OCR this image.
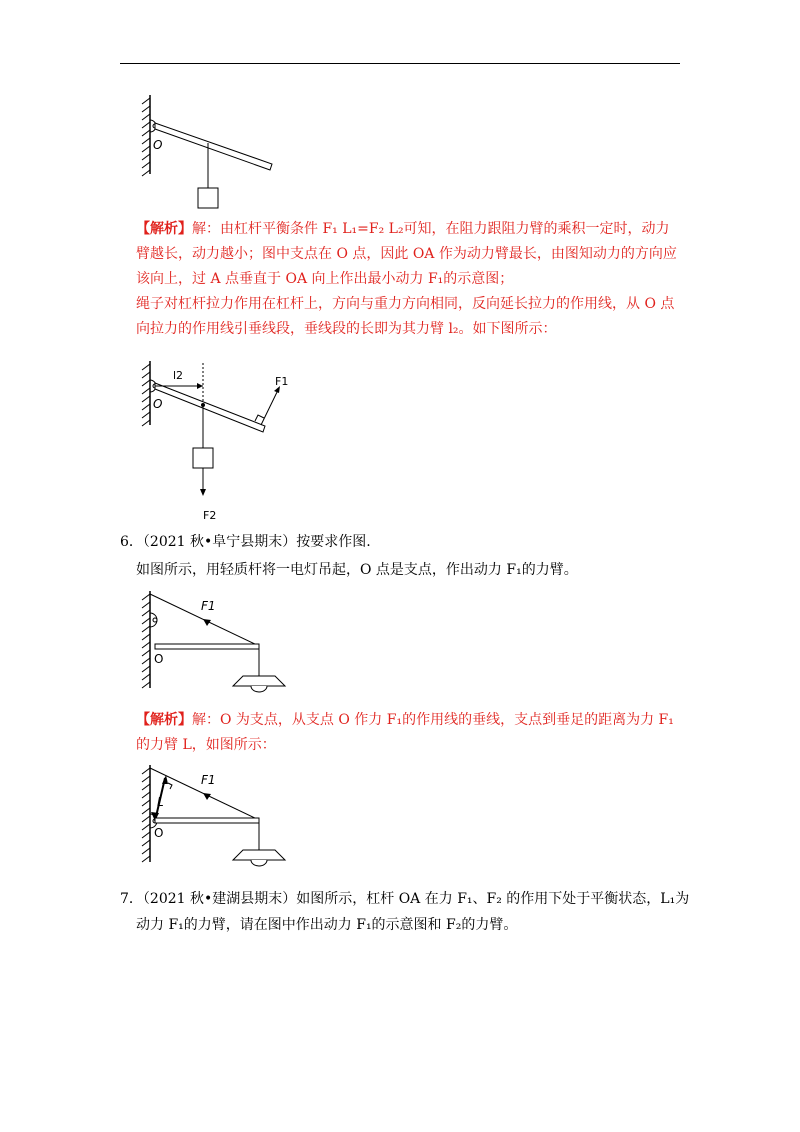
O
【解析】解：由杠杆平衡条件 F₁ L₁=F₂ L₂可知，在阻力跟阻力臂的乘积一定时，动力
臂越长，动力越小；图中支点在 O 点，因此 OA 作为动力臂最长，由图知动力的方向应
该向上，过 A 点垂直于 OA 向上作出最小动力 F₁的示意图；
绳子对杠杆拉力作用在杠杆上，方向与重力方向相同，反向延长拉力的作用线，从 O 点
向拉力的作用线引垂线段，垂线段的长即为其力臂 l₂。如下图所示：
O
l2	F1
F2
6．（2021 秋•阜宁县期末）按要求作图.
如图所示，用轻质杆将一电灯吊起，O 点是支点，作出动力 F₁的力臂。
F1
O
【解析】解：O 为支点，从支点 O 作力 F₁的作用线的垂线，支点到垂足的距离为力 F₁
的力臂 L，如图所示：
F1
L
O
7．（2021 秋•建湖县期末）如图所示，杠杆 OA 在力 F₁、F₂ 的作用下处于平衡状态，L₁为
动力 F₁的力臂，请在图中作出动力 F₁的示意图和 F₂的力臂。
